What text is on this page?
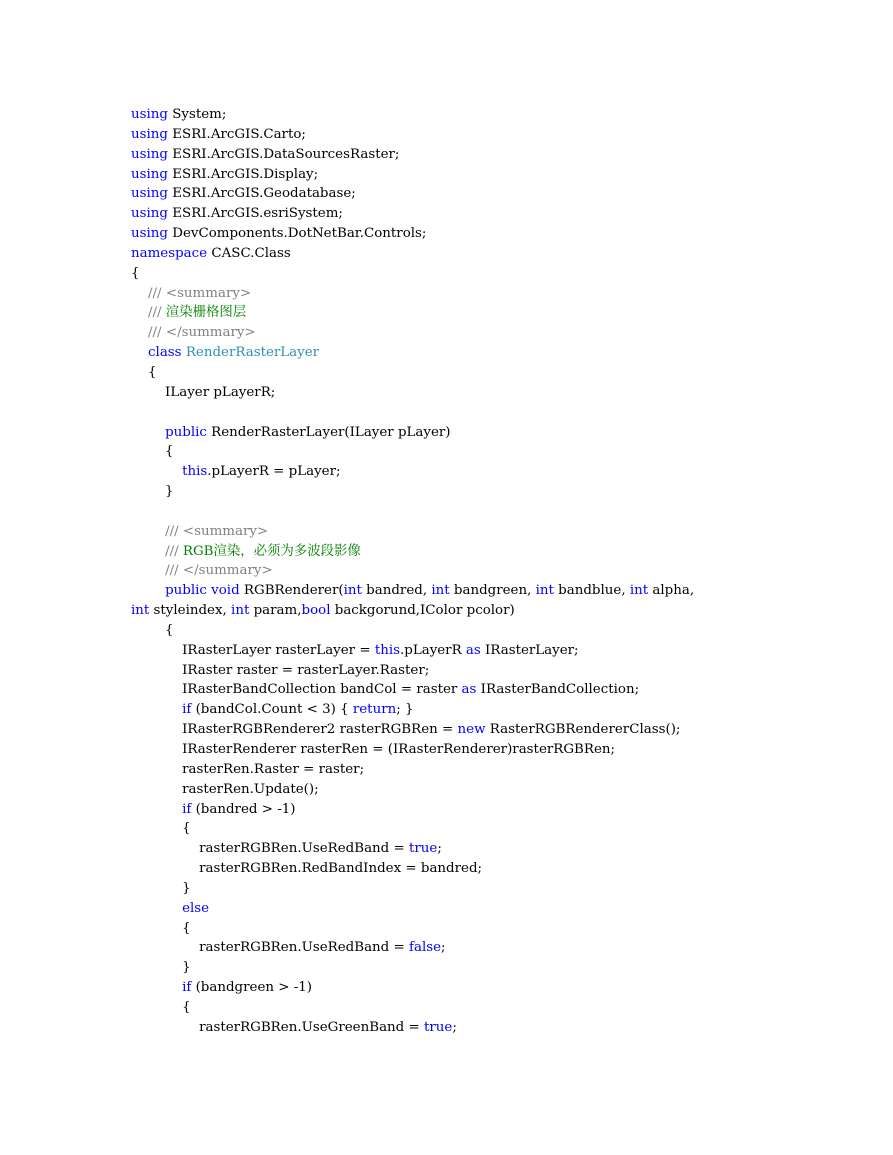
using System;
using ESRI.ArcGIS.Carto;
using ESRI.ArcGIS.DataSourcesRaster;
using ESRI.ArcGIS.Display;
using ESRI.ArcGIS.Geodatabase;
using ESRI.ArcGIS.esriSystem;
using DevComponents.DotNetBar.Controls;
namespace CASC.Class
{
/// <summary>
/// 渲染栅格图层
/// </summary>
class RenderRasterLayer
{
ILayer pLayerR;
public RenderRasterLayer(ILayer pLayer)
{
this.pLayerR = pLayer;
}
/// <summary>
/// RGB渲染，必须为多波段影像
/// </summary>
public void RGBRenderer(int bandred, int bandgreen, int bandblue, int alpha,
int styleindex, int param,bool backgorund,IColor pcolor)
{
IRasterLayer rasterLayer = this.pLayerR as IRasterLayer;
IRaster raster = rasterLayer.Raster;
IRasterBandCollection bandCol = raster as IRasterBandCollection;
if (bandCol.Count < 3) { return; }
IRasterRGBRenderer2 rasterRGBRen = new RasterRGBRendererClass();
IRasterRenderer rasterRen = (IRasterRenderer)rasterRGBRen;
rasterRen.Raster = raster;
rasterRen.Update();
if (bandred > -1)
{
rasterRGBRen.UseRedBand = true;
rasterRGBRen.RedBandIndex = bandred;
}
else
{
rasterRGBRen.UseRedBand = false;
}
if (bandgreen > -1)
{
rasterRGBRen.UseGreenBand = true;
